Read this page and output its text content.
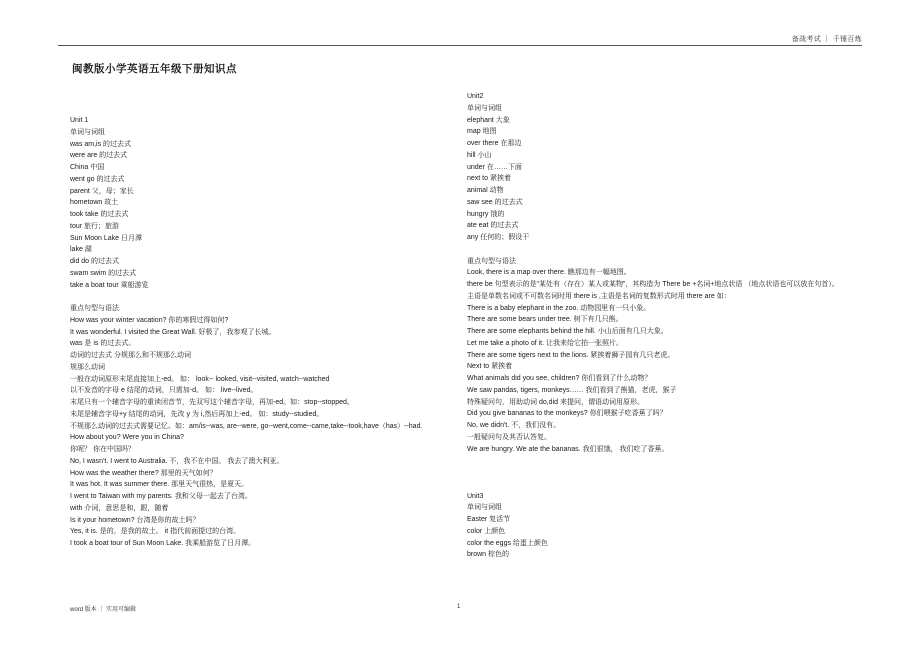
备战考试 ｜ 千锤百炼
闽教版小学英语五年级下册知识点
Unit 1
单词与词组
was am,is 的过去式
were are 的过去式
China 中国
went go 的过去式
parent 父，母；家长
hometown 故土
took take 的过去式
tour 旅行；旅游
Sun Moon Lake 日月潭
lake 湖
did do 的过去式
swam swim 的过去式
take a boat tour 乘船游览
重点句型与语法
How was your winter vacation? 你的寒假过得如何?
It was wonderful. I visited the Great Wall. 好极了，我参观了长城。
was 是 is 的过去式。
动词的过去式 分规那么和不规那么动词
规那么动词
一般在动词原形末尾直接加上-ed。 如： look-- looked, visit--visited, watch--watched
以不发音的字母 e 结尾的动词，只需加-d。 如： live--lived。
末尾只有一个辅音字母的重读闭音节，先双写这个辅音字母，再加-ed。如：stop--stopped。
末尾是辅音字母+y 结尾的动词，先改 y 为 i,然后再加上-ed。 如：study--studied。
不规那么动词的过去式需要记忆。如：am/is--was, are--were, go--went,come--came,take--took,have（has）--had.
How about you? Were you in China?
你呢？ 你在中国吗？
No, I wasn't. I went to Australia. 不，我不在中国。 我去了澳大利亚。
How was the weather there? 那里的天气如何？
It was hot. It was summer there. 那里天气很热，是夏天。
I went to Taiwan with my parents. 我和父母一起去了台湾。
with 介词，意思是和，跟，随着
Is it your hometown? 台湾是你的故土吗？
Yes, it is. 是的，是我的故土。 it 指代前面提过的台湾。
I took a boat tour of Sun Moon Lake. 我乘船游览了日月潭。
Unit2
单词与词组
elephant 大象
map 地图
over there 在那边
hill 小山
under 在……下面
next to 紧挨着
animal 动物
saw see 的过去式
hungry 饿的
ate eat 的过去式
any 任何的；假设干
重点句型与语法
Look, there is a map over there. 瞧那边有一幅地图。
there be 句型表示的是“某处有（存在）某人或某物”，其构造为 There be +名词+地点状语 （地点状语也可以放在句首）。
主语是单数名词或不可数名词时用 there is ,主语是名词的复数形式时用 there are 如：
There is a baby elephant in the zoo. 动物园里有一只小象。
There are some bears under tree. 树下有几只熊。
There are some elephants behind the hill. 小山后面有几只大象。
Let me take a photo of it. 让我来给它拍一张照片。
There are some tigers next to the lions. 紧挨着狮子园有几只老虎。
Next to 紧挨着
What animals did you see, children? 你们看到了什么动物？
We saw pandas, tigers, monkeys…… 我们看到了熊猫，老虎，猴子
特殊疑问句，用助动词 do,did 来提问，谓语动词用原形。
Did you give bananas to the monkeys? 你们喂猴子吃香蕉了吗？
No, we didn't. 不，我们没有。
一般疑问句及其否认答复。
We are hungry. We ate the bananas. 我们很饿， 我们吃了香蕉。
Unit3
单词与词组
Easter 复活节
color 上颜色
color the eggs 给蛋上颜色
brown 棕色的
word 版本 ｜ 实用可编辑	1
